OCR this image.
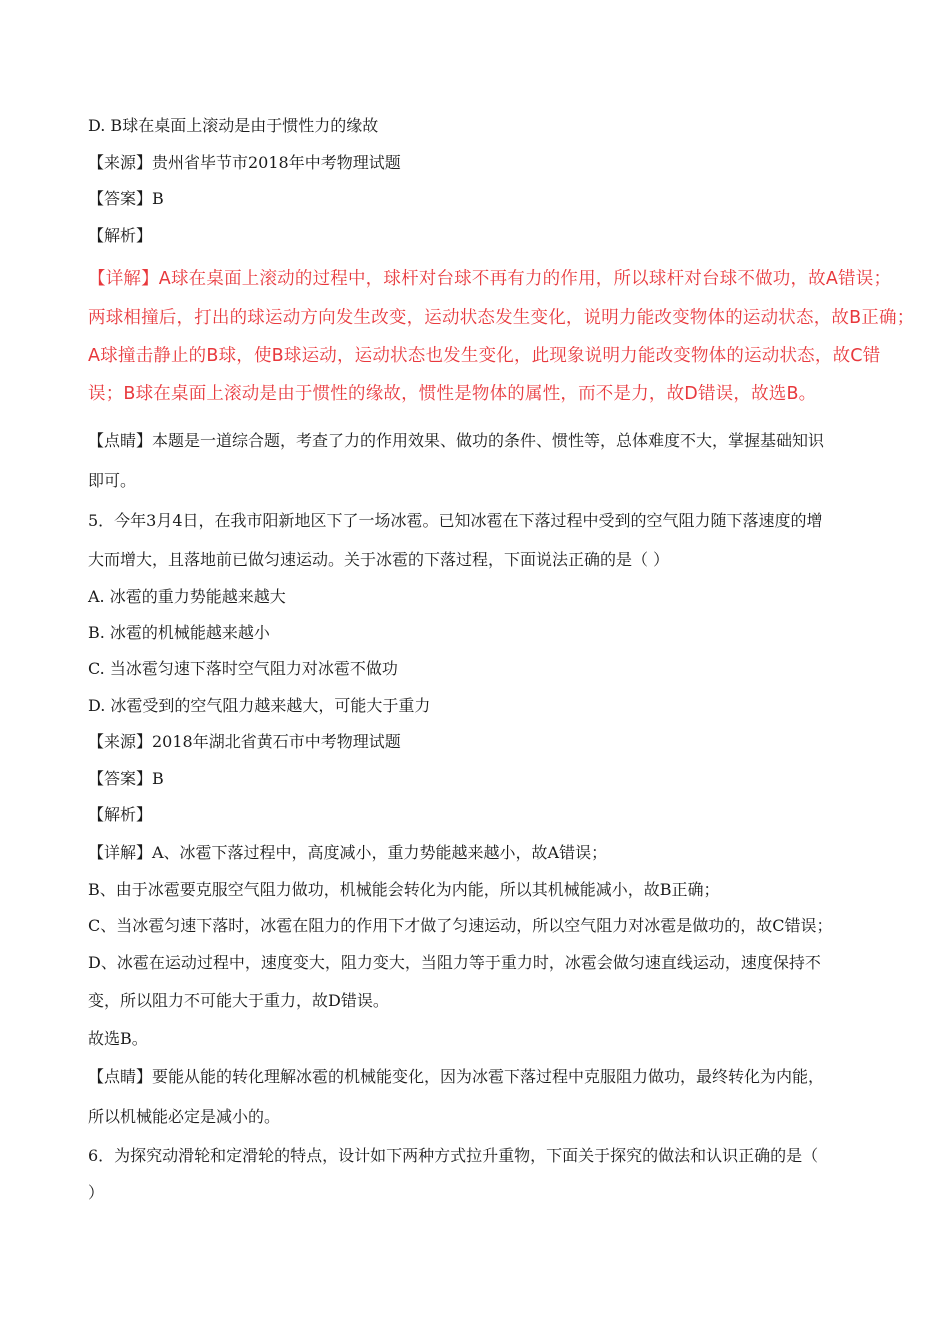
D. B球在桌面上滚动是由于惯性力的缘故
【来源】贵州省毕节市2018年中考物理试题
【答案】B
【解析】
【详解】A球在桌面上滚动的过程中，球杆对台球不再有力的作用，所以球杆对台球不做功，故A错误；
两球相撞后，打出的球运动方向发生改变，运动状态发生变化，说明力能改变物体的运动状态，故B正确；
A球撞击静止的B球，使B球运动，运动状态也发生变化，此现象说明力能改变物体的运动状态，故C错
误；B球在桌面上滚动是由于惯性的缘故，惯性是物体的属性，而不是力，故D错误，故选B。
【点睛】本题是一道综合题，考查了力的作用效果、做功的条件、惯性等，总体难度不大，掌握基础知识
即可。
5．今年3月4日，在我市阳新地区下了一场冰雹。已知冰雹在下落过程中受到的空气阻力随下落速度的增
大而增大，且落地前已做匀速运动。关于冰雹的下落过程，下面说法正确的是（ ）
A. 冰雹的重力势能越来越大
B. 冰雹的机械能越来越小
C. 当冰雹匀速下落时空气阻力对冰雹不做功
D. 冰雹受到的空气阻力越来越大，可能大于重力
【来源】2018年湖北省黄石市中考物理试题
【答案】B
【解析】
【详解】A、冰雹下落过程中，高度减小，重力势能越来越小，故A错误；
B、由于冰雹要克服空气阻力做功，机械能会转化为内能，所以其机械能减小，故B正确；
C、当冰雹匀速下落时，冰雹在阻力的作用下才做了匀速运动，所以空气阻力对冰雹是做功的，故C错误；
D、冰雹在运动过程中，速度变大，阻力变大，当阻力等于重力时，冰雹会做匀速直线运动，速度保持不
变，所以阻力不可能大于重力，故D错误。
故选B。
【点睛】要能从能的转化理解冰雹的机械能变化，因为冰雹下落过程中克服阻力做功，最终转化为内能，
所以机械能必定是减小的。
6．为探究动滑轮和定滑轮的特点，设计如下两种方式拉升重物，下面关于探究的做法和认识正确的是（
）
